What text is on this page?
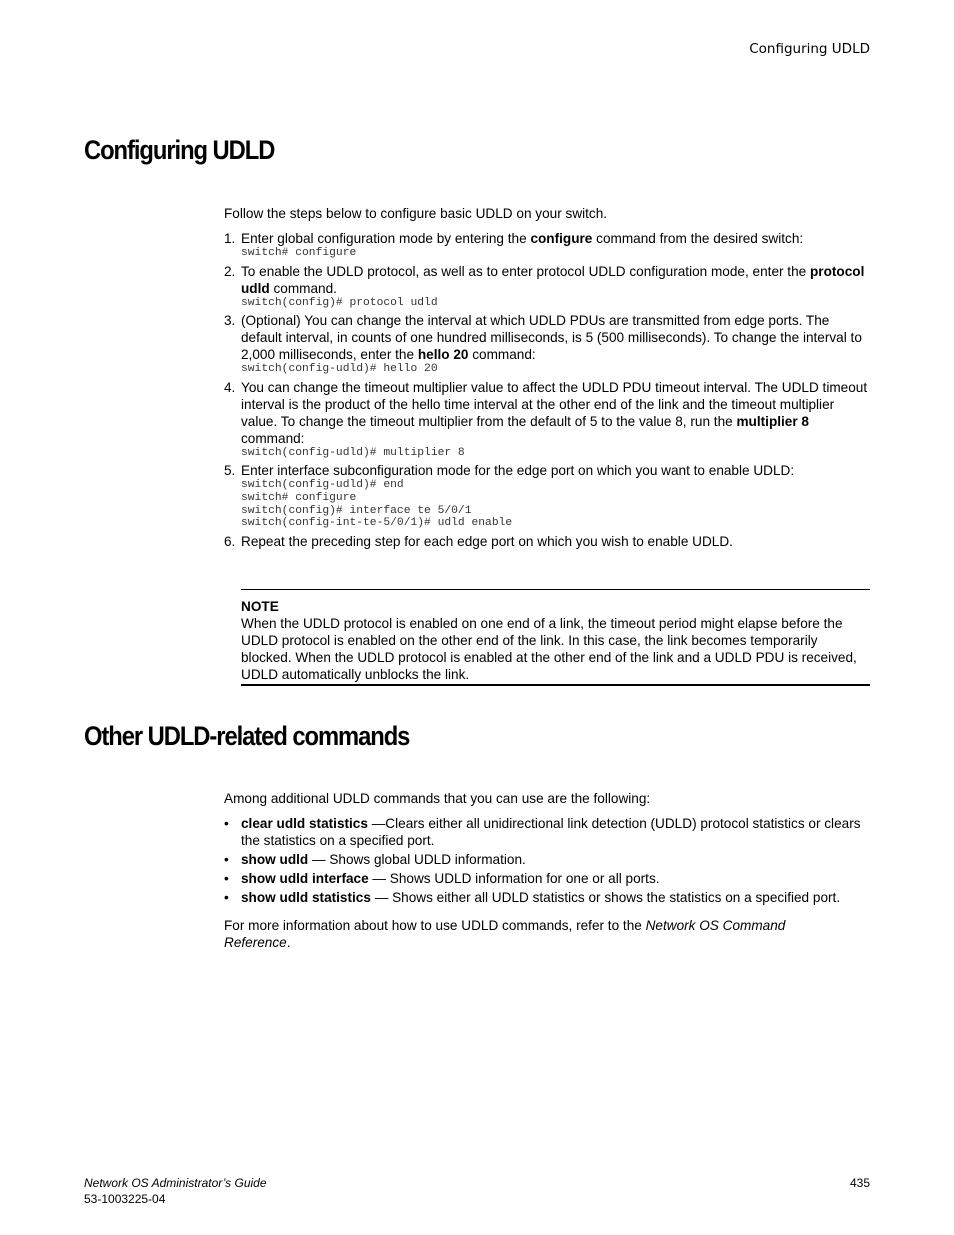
Configuring UDLD
Configuring UDLD

Follow the steps below to configure basic UDLD on your switch.

1. Enter global configuration mode by entering the configure command from the desired switch:
switch# configure
2. To enable the UDLD protocol, as well as to enter protocol UDLD configuration mode, enter the protocol udld command.
switch(config)# protocol udld
3. (Optional) You can change the interval at which UDLD PDUs are transmitted from edge ports. The default interval, in counts of one hundred milliseconds, is 5 (500 milliseconds). To change the interval to 2,000 milliseconds, enter the hello 20 command:
switch(config-udld)# hello 20
4. You can change the timeout multiplier value to affect the UDLD PDU timeout interval. The UDLD timeout interval is the product of the hello time interval at the other end of the link and the timeout multiplier value. To change the timeout multiplier from the default of 5 to the value 8, run the multiplier 8 command:
switch(config-udld)# multiplier 8
5. Enter interface subconfiguration mode for the edge port on which you want to enable UDLD:
switch(config-udld)# end
switch# configure
switch(config)# interface te 5/0/1
switch(config-int-te-5/0/1)# udld enable
6. Repeat the preceding step for each edge port on which you wish to enable UDLD.
NOTE
When the UDLD protocol is enabled on one end of a link, the timeout period might elapse before the UDLD protocol is enabled on the other end of the link. In this case, the link becomes temporarily blocked. When the UDLD protocol is enabled at the other end of the link and a UDLD PDU is received, UDLD automatically unblocks the link.
Other UDLD-related commands

Among additional UDLD commands that you can use are the following:

• clear udld statistics —Clears either all unidirectional link detection (UDLD) protocol statistics or clears the statistics on a specified port.
• show udld — Shows global UDLD information.
• show udld interface — Shows UDLD information for one or all ports.
• show udld statistics — Shows either all UDLD statistics or shows the statistics on a specified port.

For more information about how to use UDLD commands, refer to the Network OS Command Reference.

Network OS Administrator’s Guide
53-1003225-04
435
